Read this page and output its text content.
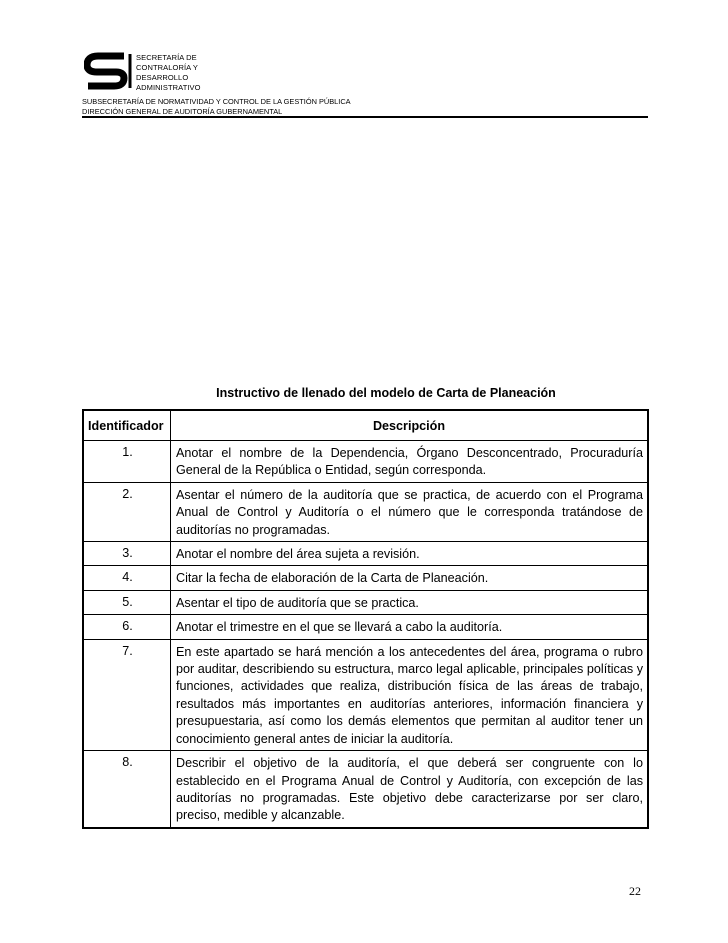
SECRETARÍA DE
CONTRALORÍA Y
DESARROLLO
ADMINISTRATIVO
SUBSECRETARÍA DE NORMATIVIDAD Y CONTROL DE LA GESTIÓN PÚBLICA
DIRECCIÓN GENERAL DE AUDITORÍA GUBERNAMENTAL
Instructivo de llenado del modelo de Carta de Planeación
Identificador	Descripción
1.	Anotar el nombre de la Dependencia, Órgano Desconcentrado, Procuraduría General de la República o Entidad, según corresponda.
2.	Asentar el número de la auditoría que se practica, de acuerdo con el Programa Anual de Control y Auditoría o el número que le corresponda tratándose de auditorías no programadas.
3.	Anotar el nombre del área sujeta a revisión.
4.	Citar la fecha de elaboración de la Carta de Planeación.
5.	Asentar el tipo de auditoría que se practica.
6.	Anotar el trimestre en el que se llevará a cabo la auditoría.
7.	En este apartado se hará mención a los antecedentes del área, programa o rubro por auditar, describiendo su estructura, marco legal aplicable, principales políticas y funciones, actividades que realiza, distribución física de las áreas de trabajo, resultados más importantes en auditorías anteriores, información financiera y presupuestaria, así como los demás elementos que permitan al auditor tener un conocimiento general antes de iniciar la auditoría.
8.	Describir el objetivo de la auditoría, el que deberá ser congruente con lo establecido en el Programa Anual de Control y Auditoría, con excepción de las auditorías no programadas. Este objetivo debe caracterizarse por ser claro, preciso, medible y alcanzable.
22
